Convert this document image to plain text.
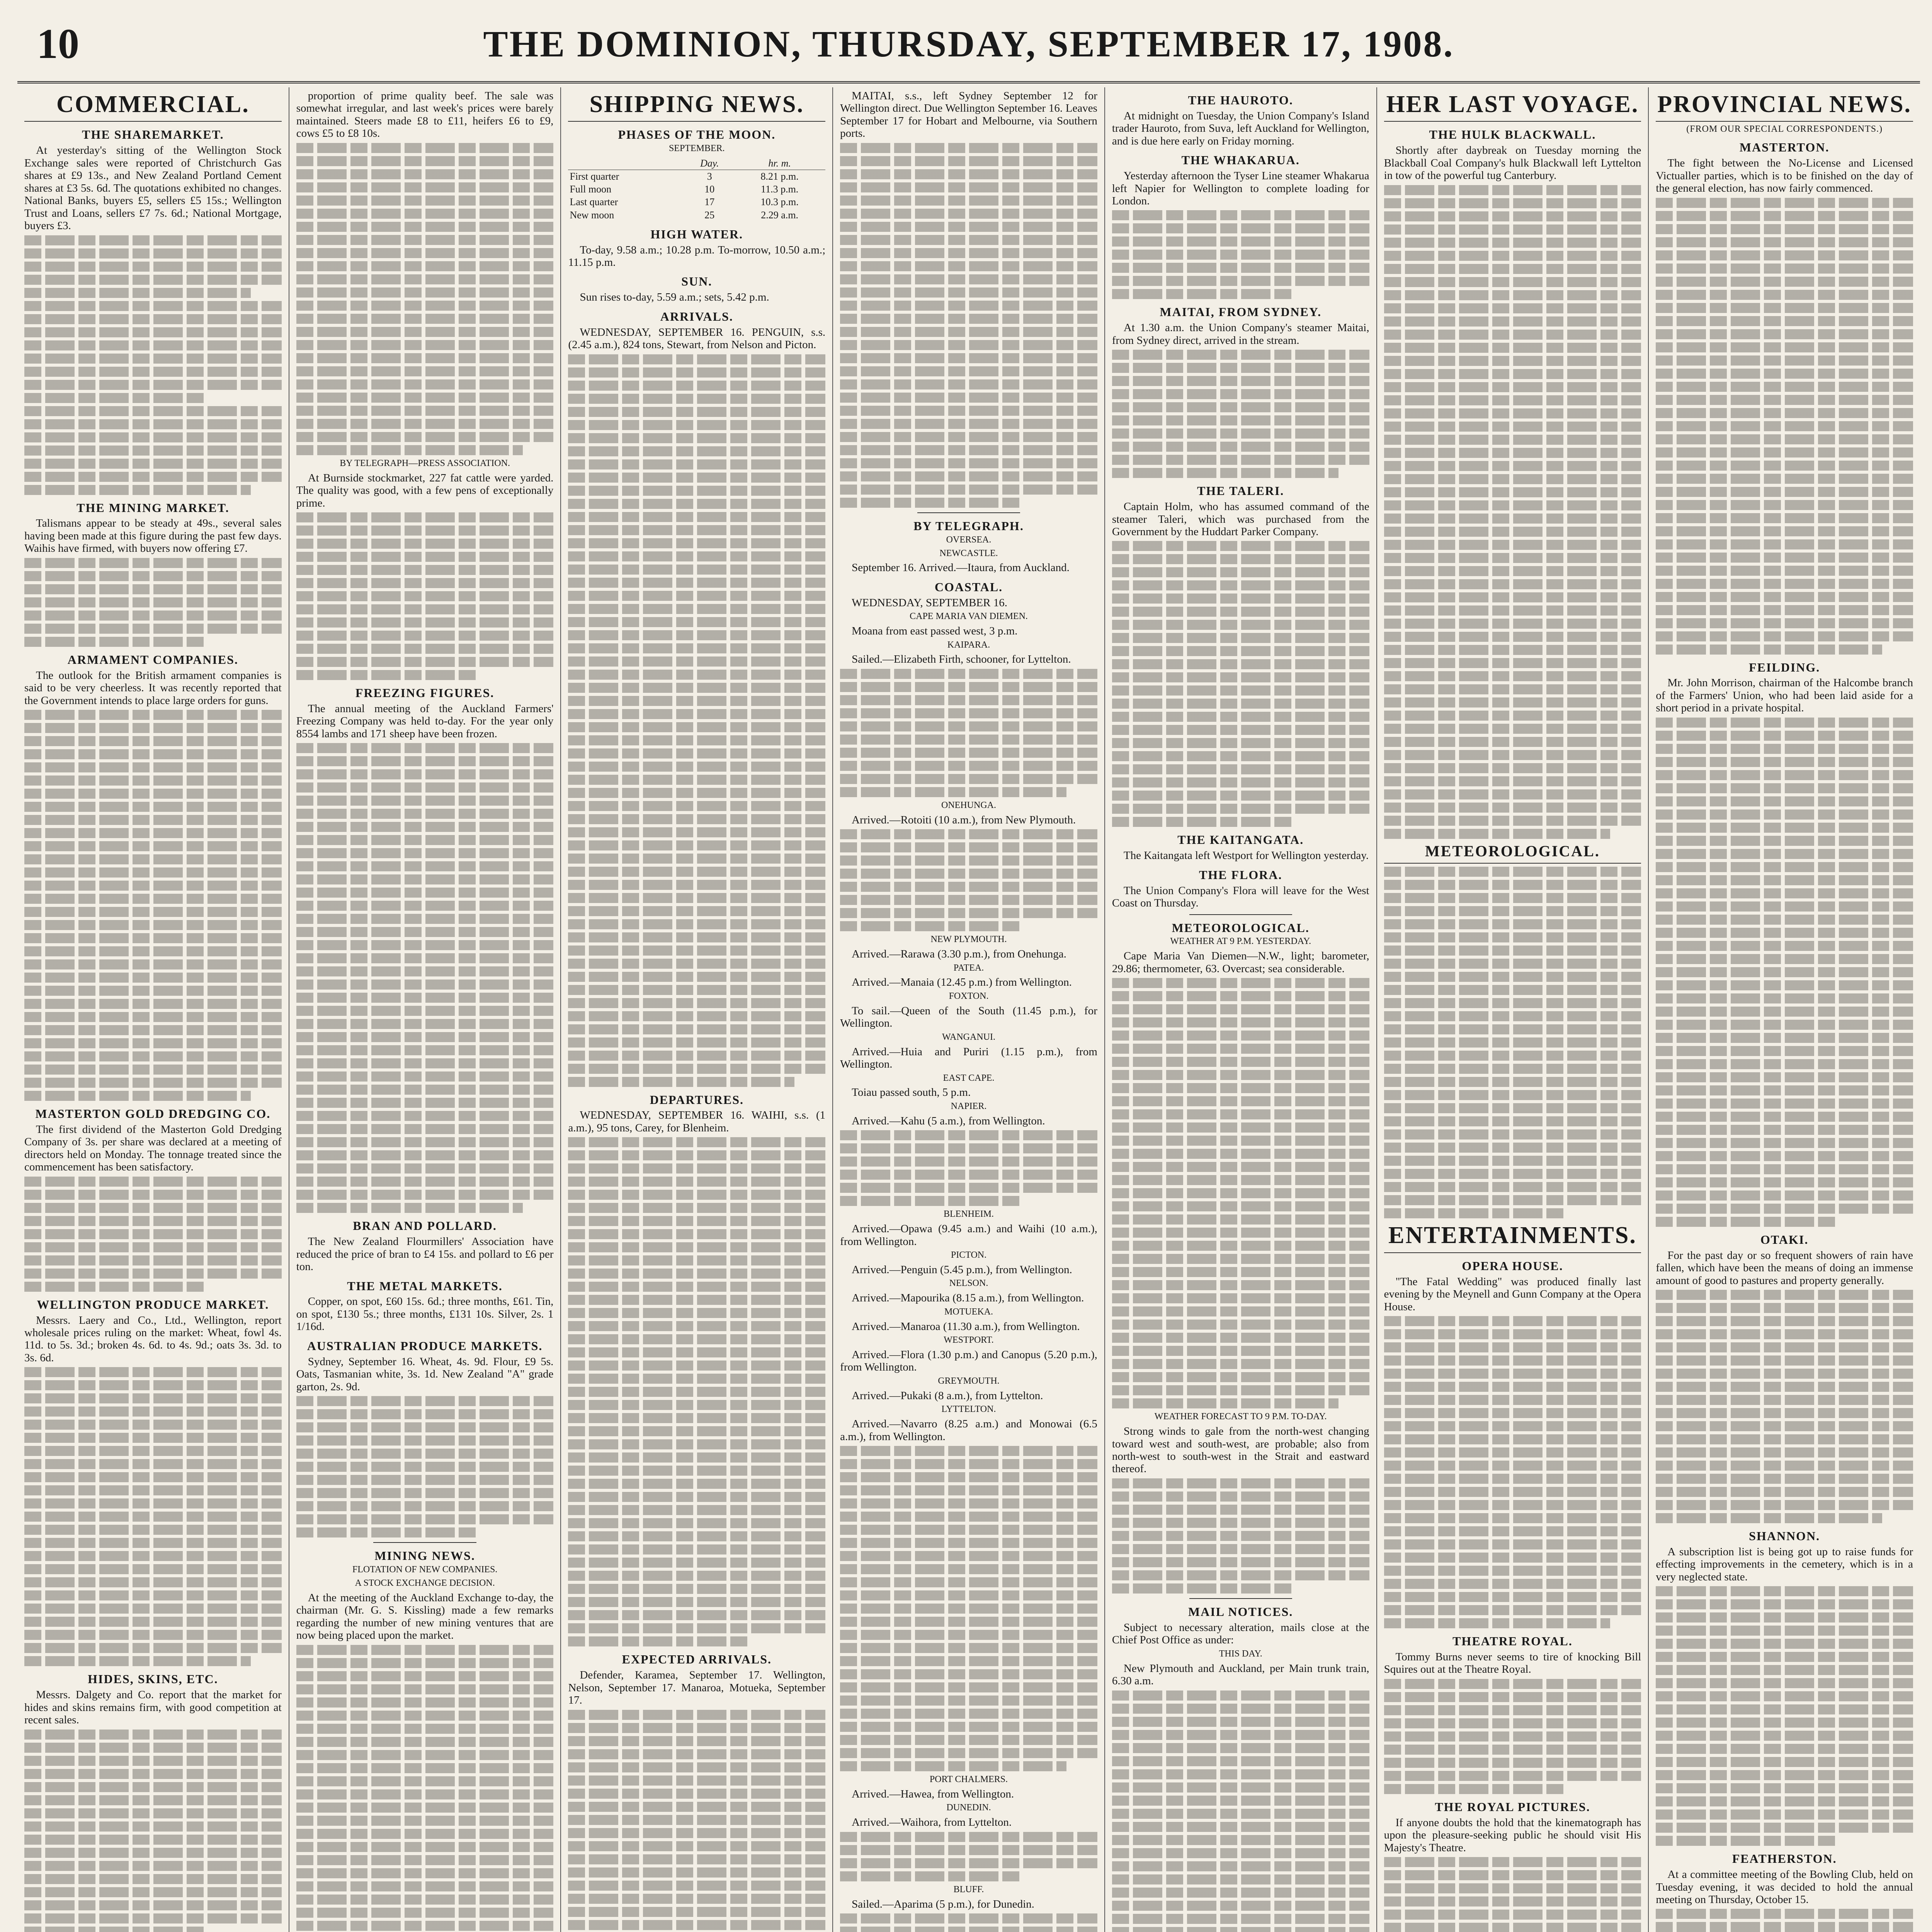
10	THE DOMINION, THURSDAY, SEPTEMBER 17, 1908.
COMMERCIAL.
THE SHAREMARKET.

At yesterday's sitting of the Wellington Stock Exchange sales were reported of Christchurch Gas shares at £9 13s., and New Zealand Portland Cement shares at £3 5s. 6d. The quotations exhibited no changes. National Banks, buyers £5, sellers £5 15s.; Wellington Trust and Loans, sellers £7 7s. 6d.; National Mortgage, buyers £3.

THE MINING MARKET.

Talismans appear to be steady at 49s., several sales having been made at this figure during the past few days. Waihis have firmed, with buyers now offering £7.

ARMAMENT COMPANIES.

The outlook for the British armament companies is said to be very cheerless. It was recently reported that the Government intends to place large orders for guns.

MASTERTON GOLD DREDGING CO.

The first dividend of the Masterton Gold Dredging Company of 3s. per share was declared at a meeting of directors held on Monday. The tonnage treated since the commencement has been satisfactory.

WELLINGTON PRODUCE MARKET.

Messrs. Laery and Co., Ltd., Wellington, report wholesale prices ruling on the market: Wheat, fowl 4s. 11d. to 5s. 3d.; broken 4s. 6d. to 4s. 9d.; oats 3s. 3d. to 3s. 6d.

HIDES, SKINS, ETC.

Messrs. Dalgety and Co. report that the market for hides and skins remains firm, with good competition at recent sales.

proportion of prime quality beef. The sale was somewhat irregular, and last week's prices were barely maintained. Steers made £8 to £11, heifers £6 to £9, cows £5 to £8 10s.

BY TELEGRAPH—PRESS ASSOCIATION.

At Burnside stockmarket, 227 fat cattle were yarded. The quality was good, with a few pens of exceptionally prime.

FREEZING FIGURES.

The annual meeting of the Auckland Farmers' Freezing Company was held to-day. For the year only 8554 lambs and 171 sheep have been frozen.

BRAN AND POLLARD.

The New Zealand Flourmillers' Association have reduced the price of bran to £4 15s. and pollard to £6 per ton.

THE METAL MARKETS.

Copper, on spot, £60 15s. 6d.; three months, £61. Tin, on spot, £130 5s.; three months, £131 10s. Silver, 2s. 1 1/16d.

AUSTRALIAN PRODUCE MARKETS.

Sydney, September 16. Wheat, 4s. 9d. Flour, £9 5s. Oats, Tasmanian white, 3s. 1d. New Zealand "A" grade garton, 2s. 9d.

MINING NEWS.
FLOTATION OF NEW COMPANIES.
A STOCK EXCHANGE DECISION.

At the meeting of the Auckland Exchange to-day, the chairman (Mr. G. S. Kissling) made a few remarks regarding the number of new mining ventures that are now being placed upon the market.

SHIPPING NEWS.
PHASES OF THE MOON.
SEPTEMBER.
	Day.	hr. m.
First quarter	3	8.21 p.m.
Full moon	10	11.3 p.m.
Last quarter	17	10.3 p.m.
New moon	25	2.29 a.m.
HIGH WATER.

To-day, 9.58 a.m.; 10.28 p.m. To-morrow, 10.50 a.m.; 11.15 p.m.

SUN.

Sun rises to-day, 5.59 a.m.; sets, 5.42 p.m.

ARRIVALS.

WEDNESDAY, SEPTEMBER 16. PENGUIN, s.s. (2.45 a.m.), 824 tons, Stewart, from Nelson and Picton.

DEPARTURES.

WEDNESDAY, SEPTEMBER 16. WAIHI, s.s. (1 a.m.), 95 tons, Carey, for Blenheim.

EXPECTED ARRIVALS.

Defender, Karamea, September 17. Wellington, Nelson, September 17. Manaroa, Motueka, September 17.

MAITAI, s.s., left Sydney September 12 for Wellington direct. Due Wellington September 16. Leaves September 17 for Hobart and Melbourne, via Southern ports.

BY TELEGRAPH.
OVERSEA.
NEWCASTLE.

September 16. Arrived.—Itaura, from Auckland.

COASTAL.

WEDNESDAY, SEPTEMBER 16.

CAPE MARIA VAN DIEMEN.

Moana from east passed west, 3 p.m.

KAIPARA.

Sailed.—Elizabeth Firth, schooner, for Lyttelton.

ONEHUNGA.

Arrived.—Rotoiti (10 a.m.), from New Plymouth.

NEW PLYMOUTH.

Arrived.—Rarawa (3.30 p.m.), from Onehunga.

PATEA.

Arrived.—Manaia (12.45 p.m.) from Wellington.

FOXTON.

To sail.—Queen of the South (11.45 p.m.), for Wellington.

WANGANUI.

Arrived.—Huia and Puriri (1.15 p.m.), from Wellington.

EAST CAPE.

Toiau passed south, 5 p.m.

NAPIER.

Arrived.—Kahu (5 a.m.), from Wellington.

BLENHEIM.

Arrived.—Opawa (9.45 a.m.) and Waihi (10 a.m.), from Wellington.

PICTON.

Arrived.—Penguin (5.45 p.m.), from Wellington.

NELSON.

Arrived.—Mapourika (8.15 a.m.), from Wellington.

MOTUEKA.

Arrived.—Manaroa (11.30 a.m.), from Wellington.

WESTPORT.

Arrived.—Flora (1.30 p.m.) and Canopus (5.20 p.m.), from Wellington.

GREYMOUTH.

Arrived.—Pukaki (8 a.m.), from Lyttelton.

LYTTELTON.

Arrived.—Navarro (8.25 a.m.) and Monowai (6.5 a.m.), from Wellington.

PORT CHALMERS.

Arrived.—Hawea, from Wellington.

DUNEDIN.

Arrived.—Waihora, from Lyttelton.

BLUFF.

Sailed.—Aparima (5 p.m.), for Dunedin.

THE HAUROTO.

At midnight on Tuesday, the Union Company's Island trader Hauroto, from Suva, left Auckland for Wellington, and is due here early on Friday morning.

THE WHAKARUA.

Yesterday afternoon the Tyser Line steamer Whakarua left Napier for Wellington to complete loading for London.

MAITAI, FROM SYDNEY.

At 1.30 a.m. the Union Company's steamer Maitai, from Sydney direct, arrived in the stream.

THE TALERI.

Captain Holm, who has assumed command of the steamer Taleri, which was purchased from the Government by the Huddart Parker Company.

THE KAITANGATA.

The Kaitangata left Westport for Wellington yesterday.

THE FLORA.

The Union Company's Flora will leave for the West Coast on Thursday.

METEOROLOGICAL.
WEATHER AT 9 P.M. YESTERDAY.

Cape Maria Van Diemen—N.W., light; barometer, 29.86; thermometer, 63. Overcast; sea considerable.

WEATHER FORECAST TO 9 P.M. TO-DAY.

Strong winds to gale from the north-west changing toward west and south-west, are probable; also from north-west to south-west in the Strait and eastward thereof.

MAIL NOTICES.

Subject to necessary alteration, mails close at the Chief Post Office as under:

THIS DAY.

New Plymouth and Auckland, per Main trunk train, 6.30 a.m.

HER LAST VOYAGE.
THE HULK BLACKWALL.

Shortly after daybreak on Tuesday morning the Blackball Coal Company's hulk Blackwall left Lyttelton in tow of the powerful tug Canterbury.

METEOROLOGICAL.
ENTERTAINMENTS.
OPERA HOUSE.

"The Fatal Wedding" was produced finally last evening by the Meynell and Gunn Company at the Opera House.

THEATRE ROYAL.

Tommy Burns never seems to tire of knocking Bill Squires out at the Theatre Royal.

THE ROYAL PICTURES.

If anyone doubts the hold that the kinematograph has upon the pleasure-seeking public he should visit His Majesty's Theatre.

PROVINCIAL NEWS.
(FROM OUR SPECIAL CORRESPONDENTS.)
MASTERTON.

The fight between the No-License and Licensed Victualler parties, which is to be finished on the day of the general election, has now fairly commenced.

FEILDING.

Mr. John Morrison, chairman of the Halcombe branch of the Farmers' Union, who had been laid aside for a short period in a private hospital.

OTAKI.

For the past day or so frequent showers of rain have fallen, which have been the means of doing an immense amount of good to pastures and property generally.

SHANNON.

A subscription list is being got up to raise funds for effecting improvements in the cemetery, which is in a very neglected state.

FEATHERSTON.

At a committee meeting of the Bowling Club, held on Tuesday evening, it was decided to hold the annual meeting on Thursday, October 15.
